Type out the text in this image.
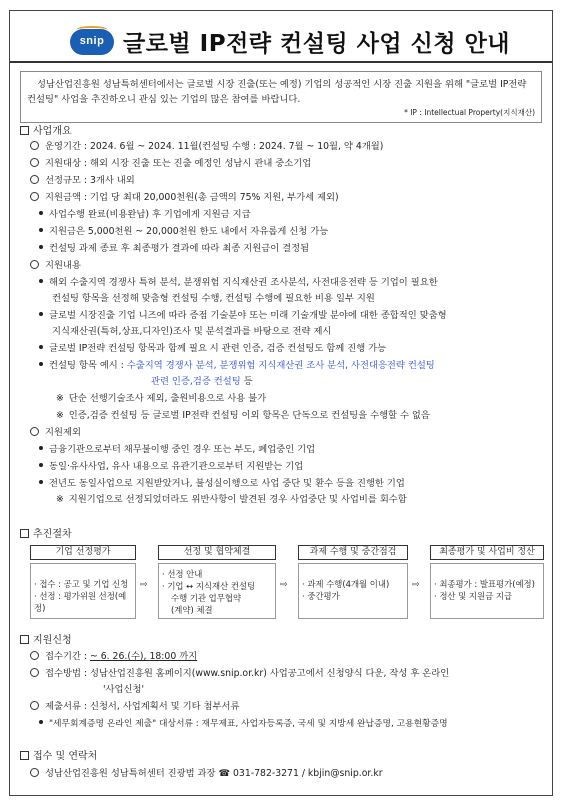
snip 글로벌 IP전략 컨설팅 사업 신청 안내
성남산업진흥원 성남특허센터에서는 글로벌 시장 진출(또는 예정) 기업의 성공적인 시장 진출 지원을 위해 "글로벌 IP전략 컨설팅" 사업을 추진하오니 관심 있는 기업의 많은 참여를 바랍니다.
* IP : Intellectual Property(지식재산)
사업개요
운영기간 : 2024. 6월 ~ 2024. 11월(컨설팅 수행 : 2024. 7월 ~ 10월, 약 4개월)
지원대상 : 해외 시장 진출 또는 진출 예정인 성남시 관내 중소기업
선정규모 : 3개사 내외
지원금액 : 기업 당 최대 20,000천원(총 금액의 75% 지원, 부가세 제외)
사업수행 완료(비용완납) 후 기업에게 지원금 지급
지원금은 5,000천원 ~ 20,000천원 한도 내에서 자유롭게 신청 가능
컨설팅 과제 종료 후 최종평가 결과에 따라 최종 지원금이 결정됨
지원내용
해외 수출지역 경쟁사 특허 분석, 분쟁위험 지식재산권 조사분석, 사전대응전략 등 기업이 필요한
컨설팅 항목을 선정해 맞춤형 컨설팅 수행, 컨설팅 수행에 필요한 비용 일부 지원
글로벌 시장진출 기업 니즈에 따라 증점 기술분야 또는 미래 기술개발 분야에 대한 종합적인 맞춤형
지식재산권(특허,상표,디자인)조사 및 분석결과를 바탕으로 전략 제시
글로벌 IP전략 컨설팅 항목과 함께 필요 시 관련 인증, 검증 컨설팅도 함께 진행 가능
컨설팅 항목 예시 : 수출지역 경쟁사 분석, 분쟁위험 지식재산권 조사 분석, 사전대응전략 컨설팅
관련 인증,검증 컨설팅 등
※ 단순 선행기술조사 제외, 출원비용으로 사용 불가
※ 인증,검증 컨설팅 등 글로벌 IP전략 컨설팅 이외 항목은 단독으로 컨설팅을 수행할 수 없음
지원제외
금융기관으로부터 채무불이행 중인 경우 또는 부도, 폐업중인 기업
동일·유사사업, 유사 내용으로 유관기관으로부터 지원받는 기업
전년도 동일사업으로 지원받았거나, 불성실이행으로 사업 중단 및 환수 등을 진행한 기업
※ 지원기업으로 선정되었더라도 위반사항이 발견된 경우 사업중단 및 사업비를 회수함
추진절차
기업 선정평가
· 접수 : 공고 및 기업 신청
· 선정 : 평가위원 선정(예정)
⇨
선정 및 협약체결
· 선정 안내
· 기업 ↔ 지식재산 컨설팅
수행 기관 업무협약
(계약) 체결
⇨
과제 수행 및 중간점검
· 과제 수행(4개월 이내)
· 중간평가
⇨
최종평가 및 사업비 정산
· 최종평가 : 발표평가(예정)
· 정산 및 지원금 지급
지원신청
접수기간 : ~ 6. 26.(수), 18:00 까지
접수방법 : 성남산업진흥원 홈페이지(www.snip.or.kr) 사업공고에서 신청양식 다운, 작성 후 온라인
'사업신청'
제출서류 : 신청서, 사업계획서 및 기타 첨부서류
"세무회계증명 온라인 제출" 대상서류 : 재무제표, 사업자등록증, 국세 및 지방세 완납증명, 고용현황증명
접수 및 연락처
성남산업진흥원 성남특허센터 진광범 과장 ☎ 031-782-3271 / kbjin@snip.or.kr
